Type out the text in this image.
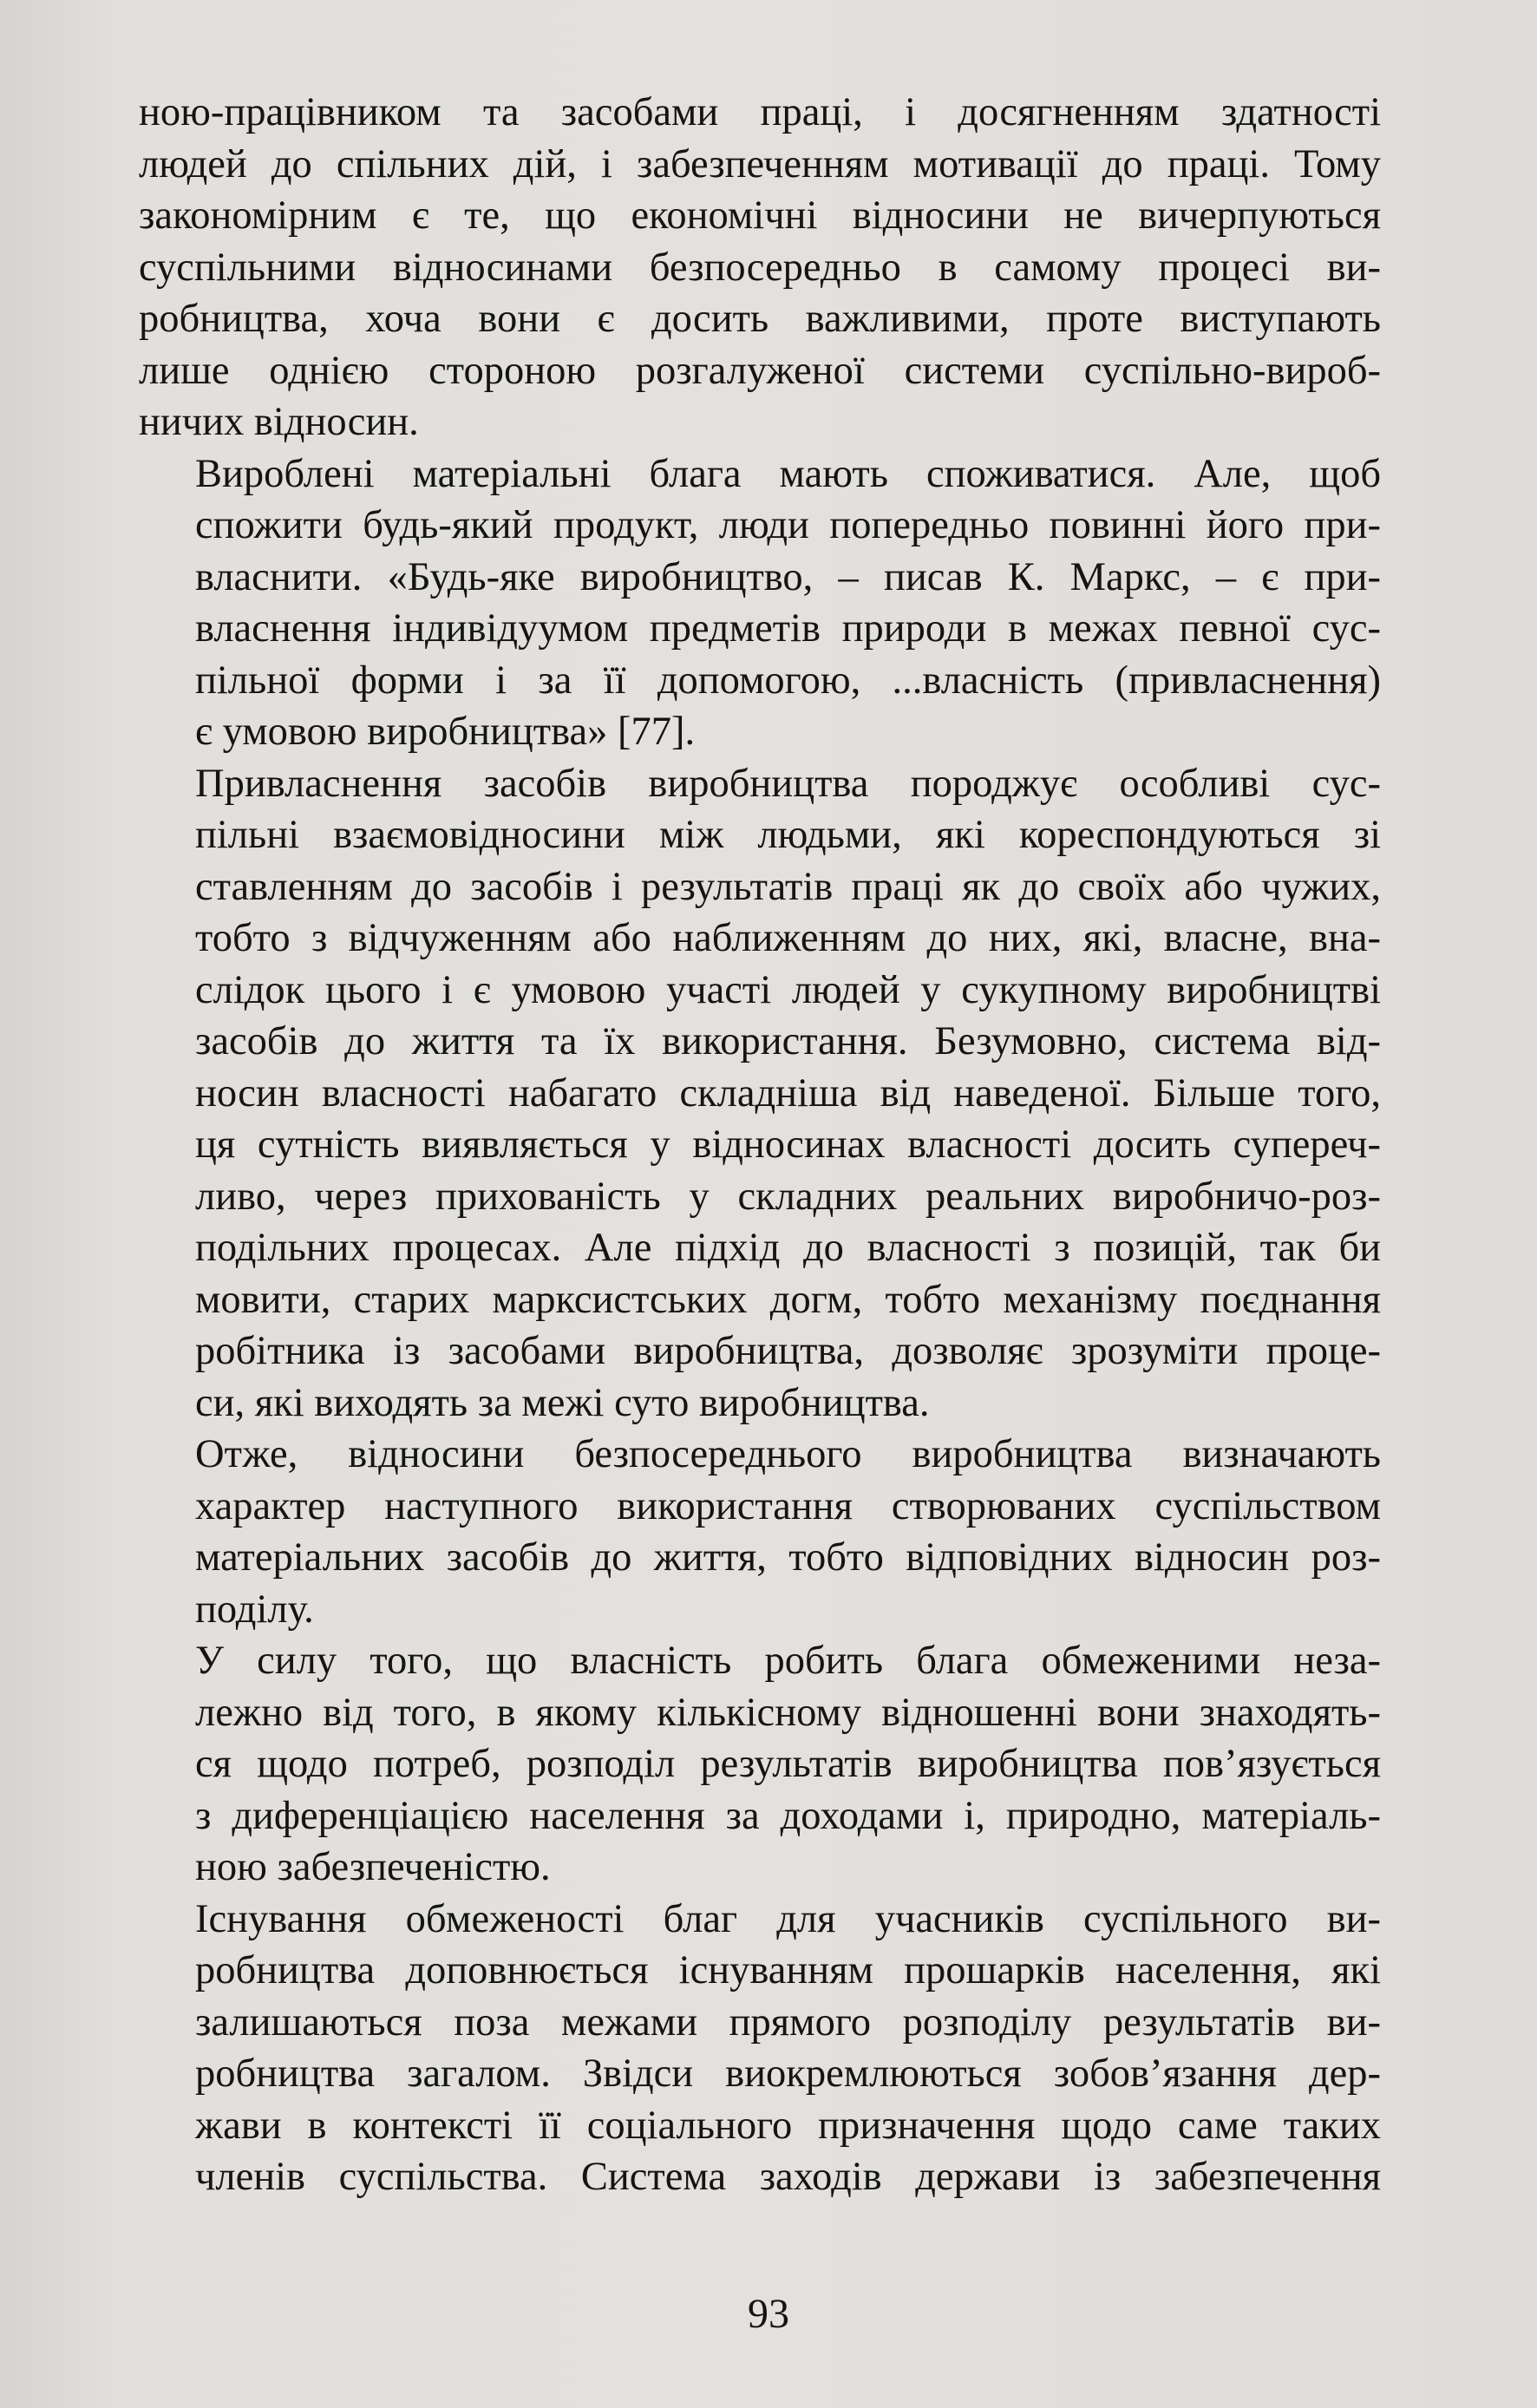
ною-працівником та засобами праці, і досягненням здатності
людей до спільних дій, і забезпеченням мотивації до праці. Тому
закономірним є те, що економічні відносини не вичерпуються
суспільними відносинами безпосередньо в самому процесі ви-
робництва, хоча вони є досить важливими, проте виступають
лише однією стороною розгалуженої системи суспільно-вироб-
ничих відносин.

Вироблені матеріальні блага мають споживатися. Але, щоб
спожити будь-який продукт, люди попередньо повинні його при-
власнити. «Будь-яке виробництво, – писав К. Маркс, – є при-
власнення індивідуумом предметів природи в межах певної сус-
пільної форми і за її допомогою, ...власність (привласнення)
є умовою виробництва» [77].

Привласнення засобів виробництва породжує особливі сус-
пільні взаємовідносини між людьми, які кореспондуються зі
ставленням до засобів і результатів праці як до своїх або чужих,
тобто з відчуженням або наближенням до них, які, власне, вна-
слідок цього і є умовою участі людей у сукупному виробництві
засобів до життя та їх використання. Безумовно, система від-
носин власності набагато складніша від наведеної. Більше того,
ця сутність виявляється у відносинах власності досить супереч-
ливо, через прихованість у складних реальних виробничо-роз-
подільних процесах. Але підхід до власності з позицій, так би
мовити, старих марксистських догм, тобто механізму поєднання
робітника із засобами виробництва, дозволяє зрозуміти проце-
си, які виходять за межі суто виробництва.

Отже, відносини безпосереднього виробництва визначають
характер наступного використання створюваних суспільством
матеріальних засобів до життя, тобто відповідних відносин роз-
поділу.

У силу того, що власність робить блага обмеженими неза-
лежно від того, в якому кількісному відношенні вони знаходять-
ся щодо потреб, розподіл результатів виробництва пов’язується
з диференціацією населення за доходами і, природно, матеріаль-
ною забезпеченістю.

Існування обмеженості благ для учасників суспільного ви-
робництва доповнюється існуванням прошарків населення, які
залишаються поза межами прямого розподілу результатів ви-
робництва загалом. Звідси виокремлюються зобов’язання дер-
жави в контексті її соціального призначення щодо саме таких
членів суспільства. Система заходів держави із забезпечення

93
